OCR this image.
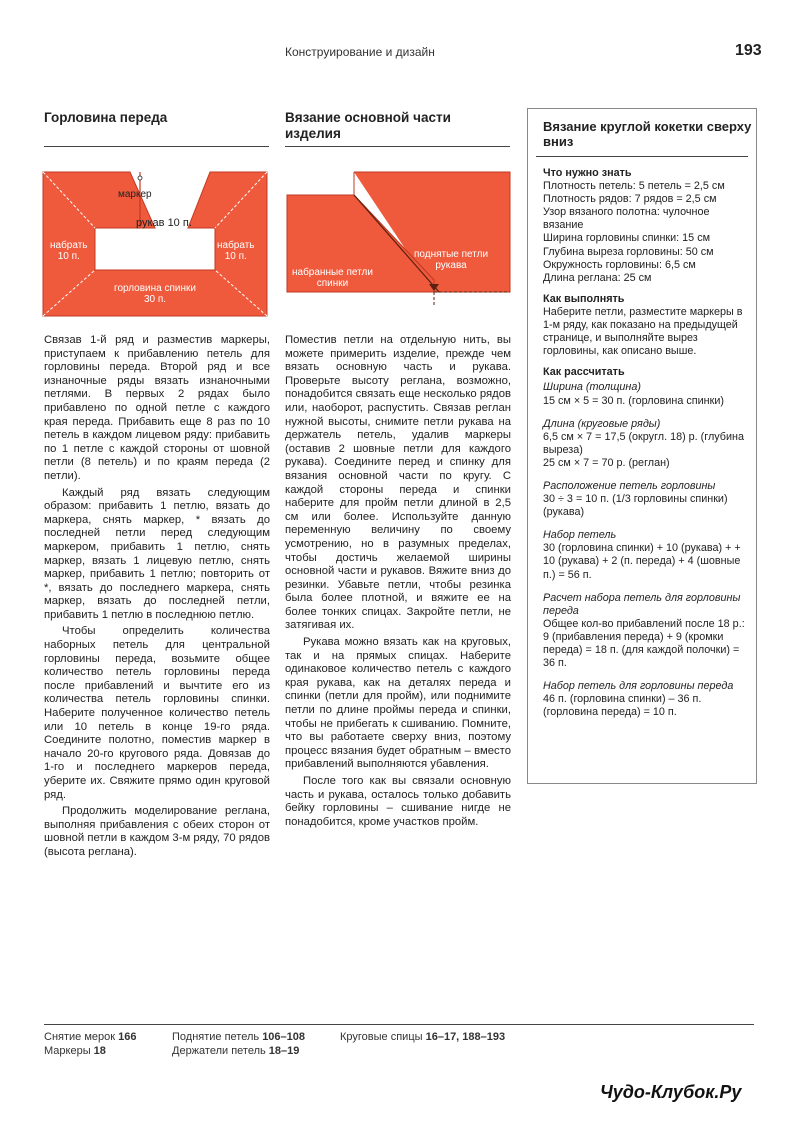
Конструирование и дизайн	193
Горловина переда
маркер
рукав 10 п.
набрать
10 п.
набрать
10 п.
горловина спинки
30 п.

Связав 1-й ряд и разместив маркеры, приступаем к прибавлению петель для горловины переда. Второй ряд и все изнаночные ряды вязать изнаночными петлями. В первых 2 рядах было прибавлено по одной петле с каждого края переда. Прибавить еще 8 раз по 10 петель в каждом лицевом ряду: прибавить по 1 петле с каждой стороны от шовной петли (8 петель) и по краям переда (2 петли).

Каждый ряд вязать следующим образом: прибавить 1 петлю, вязать до маркера, снять маркер, * вязать до последней петли перед следующим маркером, прибавить 1 петлю, снять маркер, вязать 1 лицевую петлю, снять маркер, прибавить 1 петлю; повторить от *, вязать до последнего маркера, снять маркер, вязать до последней петли, прибавить 1 петлю в последнюю петлю.

Чтобы определить количества наборных петель для центральной горловины переда, возьмите общее количество петель горловины переда после прибавлений и вычтите его из количества петель горловины спинки. Наберите полученное количество петель или 10 петель в конце 19-го ряда. Соедините полотно, поместив маркер в начало 20-го кругового ряда. Довязав до 1-го и последнего маркеров переда, уберите их. Свяжите прямо один круговой ряд.

Продолжить моделирование реглана, выполняя прибавления с обеих сторон от шовной петли в каждом 3-м ряду, 70 рядов (высота реглана).

Вязание основной части изделия
поднятые петли
рукава
набранные петли
спинки

Поместив петли на отдельную нить, вы можете примерить изделие, прежде чем вязать основную часть и рукава. Проверьте высоту реглана, возможно, понадобится связать еще несколько рядов или, наоборот, распустить. Связав реглан нужной высоты, снимите петли рукава на держатель петель, удалив маркеры (оставив 2 шовные петли для каждого рукава). Соедините перед и спинку для вязания основной части по кругу. С каждой стороны переда и спинки наберите для пройм петли длиной в 2,5 см или более. Используйте данную переменную величину по своему усмотрению, но в разумных пределах, чтобы достичь желаемой ширины основной части и рукавов. Вяжите вниз до резинки. Убавьте петли, чтобы резинка была более плотной, и вяжите ее на более тонких спицах. Закройте петли, не затягивая их.

Рукава можно вязать как на круговых, так и на прямых спицах. Наберите одинаковое количество петель с каждого края рукава, как на деталях переда и спинки (петли для пройм), или поднимите петли по длине проймы переда и спинки, чтобы не прибегать к сшиванию. Помните, что вы работаете сверху вниз, поэтому процесс вязания будет обратным – вместо прибавлений выполняются убавления.

После того как вы связали основную часть и рукава, осталось только добавить бейку горловины – сшивание нигде не понадобится, кроме участков пройм.

Вязание круглой кокетки сверху вниз
Что нужно знать
Плотность петель: 5 петель = 2,5 см
Плотность рядов: 7 рядов = 2,5 см
Узор вязаного полотна: чулочное вязание
Ширина горловины спинки: 15 см
Глубина выреза горловины: 50 см
Окружность горловины: 6,5 см
Длина реглана: 25 см
Как выполнять
Наберите петли, разместите маркеры в 1-м ряду, как показано на предыдущей странице, и выполняйте вырез горловины, как описано выше.
Как рассчитать
Ширина (толщина)
15 см × 5 = 30 п. (горловина спинки)
Длина (круговые ряды)
6,5 см × 7 = 17,5 (округл. 18) р. (глубина выреза)
25 см × 7 = 70 р. (реглан)
Расположение петель горловины
30 ÷ 3 = 10 п. (1/3 горловины спинки) (рукава)
Набор петель
30 (горловина спинки) + 10 (рукава) + + 10 (рукава) + 2 (п. переда) + 4 (шовные п.) = 56 п.
Расчет набора петель для горловины переда
Общее кол-во прибавлений после 18 р.:
9 (прибавления переда) + 9 (кромки переда) = 18 п. (для каждой полочки) = 36 п.
Набор петель для горловины переда
46 п. (горловина спинки) – 36 п. (горловина переда) = 10 п.
Снятие мерок 166
Маркеры 18
Поднятие петель 106–108
Держатели петель 18–19
Круговые спицы 16–17, 188–193
Чудо-Клубок.Ру
